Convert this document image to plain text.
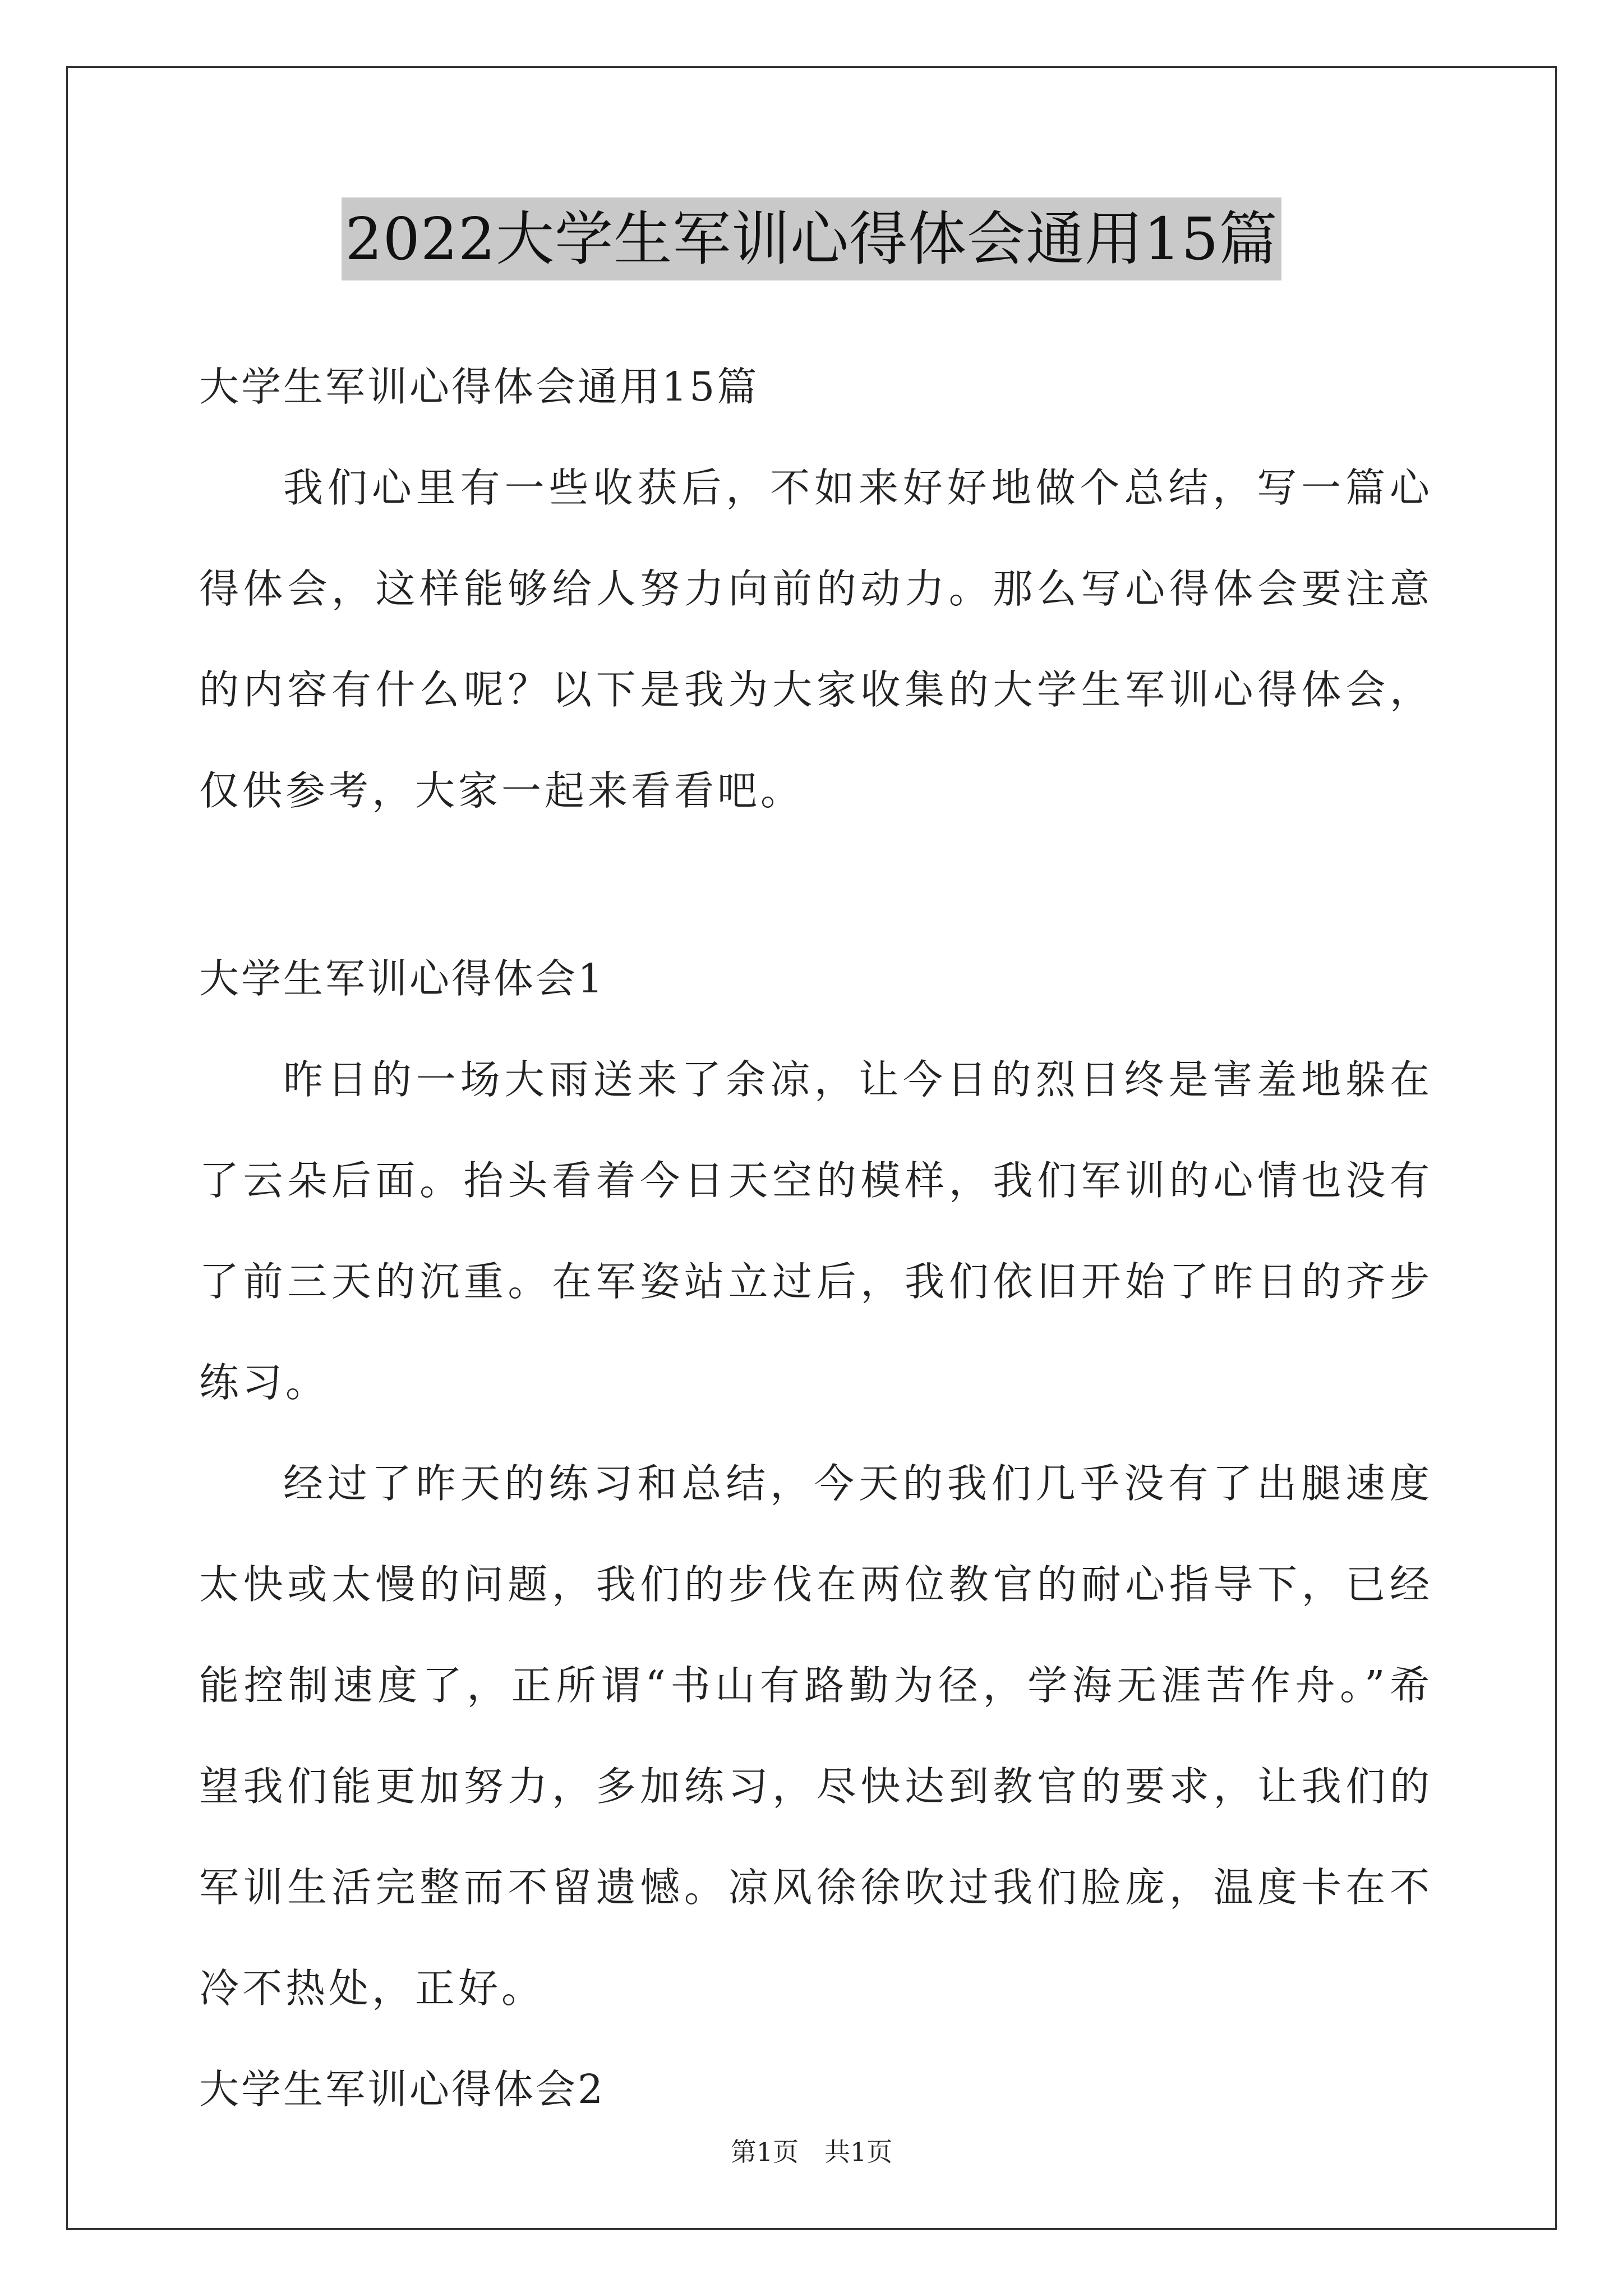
2022大学生军训心得体会通用15篇

大学生军训心得体会通用15篇

我们心里有一些收获后，不如来好好地做个总结，写一篇心得体会，这样能够给人努力向前的动力。那么写心得体会要注意的内容有什么呢？以下是我为大家收集的大学生军训心得体会，仅供参考，大家一起来看看吧。

大学生军训心得体会1

昨日的一场大雨送来了余凉，让今日的烈日终是害羞地躲在了云朵后面。抬头看着今日天空的模样，我们军训的心情也没有了前三天的沉重。在军姿站立过后，我们依旧开始了昨日的齐步练习。

经过了昨天的练习和总结，今天的我们几乎没有了出腿速度太快或太慢的问题，我们的步伐在两位教官的耐心指导下，已经能控制速度了，正所谓“书山有路勤为径，学海无涯苦作舟。”希望我们能更加努力，多加练习，尽快达到教官的要求，让我们的军训生活完整而不留遗憾。凉风徐徐吹过我们脸庞，温度卡在不冷不热处，正好。

大学生军训心得体会2

第1页 共1页
